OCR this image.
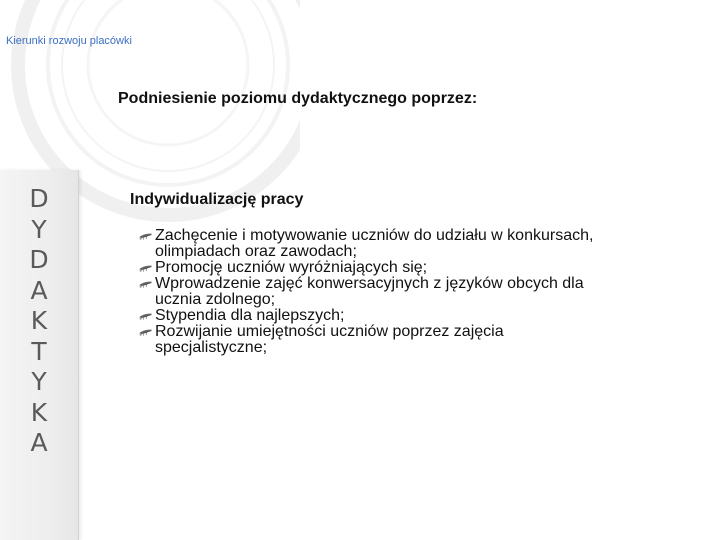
D
Y
D
A
K
T
Y
K
A
Kierunki rozwoju placówki
Podniesienie poziomu dydaktycznego poprzez:
Indywidualizację pracy
Zachęcenie i motywowanie uczniów do udziału w konkursach, olimpiadach oraz zawodach;
Promocję uczniów wyróżniających się;
Wprowadzenie zajęć konwersacyjnych z języków obcych dla ucznia zdolnego;
Stypendia dla najlepszych;
Rozwijanie umiejętności uczniów poprzez zajęcia specjalistyczne;
